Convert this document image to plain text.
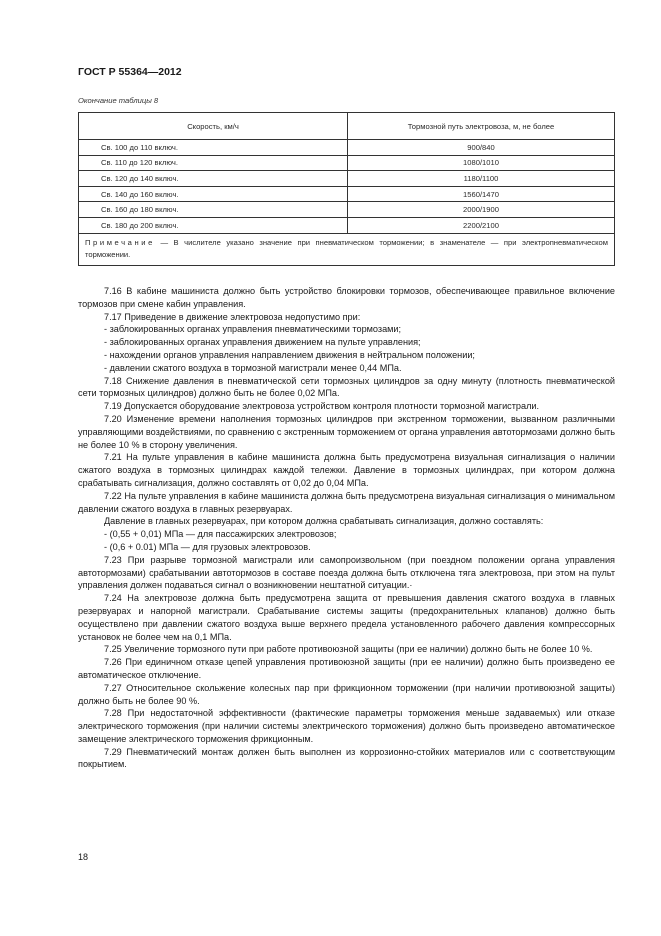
ГОСТ Р 55364—2012
Окончание таблицы 8
Скорость, км/ч	Тормозной путь электровоза, м, не более
Св. 100 до 110 включ.	900/840
Св. 110 до 120 включ.	1080/1010
Св. 120 до 140 включ.	1180/1100
Св. 140 до 160 включ.	1560/1470
Св. 160 до 180 включ.	2000/1900
Св. 180 до 200 включ.	2200/2100
Примечание — В числителе указано значение при пневматическом торможении; в знаменателе — при электропневматическом торможении.	

7.16 В кабине машиниста должно быть устройство блокировки тормозов, обеспечивающее правильное включение тормозов при смене кабин управления.

7.17 Приведение в движение электровоза недопустимо при:

- заблокированных органах управления пневматическими тормозами;

- заблокированных органах управления движением на пульте управления;

- нахождении органов управления направлением движения в нейтральном положении;

- давлении сжатого воздуха в тормозной магистрали менее 0,44 МПа.

7.18 Снижение давления в пневматической сети тормозных цилиндров за одну минуту (плотность пневматической сети тормозных цилиндров) должно быть не более 0,02 МПа.

7.19 Допускается оборудование электровоза устройством контроля плотности тормозной магистрали.

7.20 Изменение времени наполнения тормозных цилиндров при экстренном торможении, вызванном различными управляющими воздействиями, по сравнению с экстренным торможением от органа управления автотормозами должно быть не более 10 % в сторону увеличения.

7.21 На пульте управления в кабине машиниста должна быть предусмотрена визуальная сигнализация о наличии сжатого воздуха в тормозных цилиндрах каждой тележки. Давление в тормозных цилиндрах, при котором должна срабатывать сигнализация, должно составлять от 0,02 до 0,04 МПа.

7.22 На пульте управления в кабине машиниста должна быть предусмотрена визуальная сигнализация о минимальном давлении сжатого воздуха в главных резервуарах.

Давление в главных резервуарах, при котором должна срабатывать сигнализация, должно составлять:

- (0,55 + 0,01) МПа — для пассажирских электровозов;

- (0,6 + 0.01) МПа — для грузовых электровозов.

7.23 При разрыве тормозной магистрали или самопроизвольном (при поездном положении органа управления автотормозами) срабатывании автотормозов в составе поезда должна быть отключена тяга электровоза, при этом на пульт управления должен подаваться сигнал о возникновении нештатной ситуации.·

7.24 На электровозе должна быть предусмотрена защита от превышения давления сжатого воздуха в главных резервуарах и напорной магистрали. Срабатывание системы защиты (предохранительных клапанов) должно быть осуществлено при давлении сжатого воздуха выше верхнего предела установленного рабочего давления компрессорных установок не более чем на 0,1 МПа.

7.25 Увеличение тормозного пути при работе противоюзной защиты (при ее наличии) должно быть не более 10 %.

7.26 При единичном отказе цепей управления противоюзной защиты (при ее наличии) должно быть произведено ее автоматическое отключение.

7.27 Относительное скольжение колесных пар при фрикционном торможении (при наличии противоюзной защиты) должно быть не более 90 %.

7.28 При недостаточной эффективности (фактические параметры торможения меньше задаваемых) или отказе электрического торможения (при наличии системы электрического торможения) должно быть произведено автоматическое замещение электрического торможения фрикционным.

7.29 Пневматический монтаж должен быть выполнен из коррозионно-стойких материалов или с соответствующим покрытием.

18
